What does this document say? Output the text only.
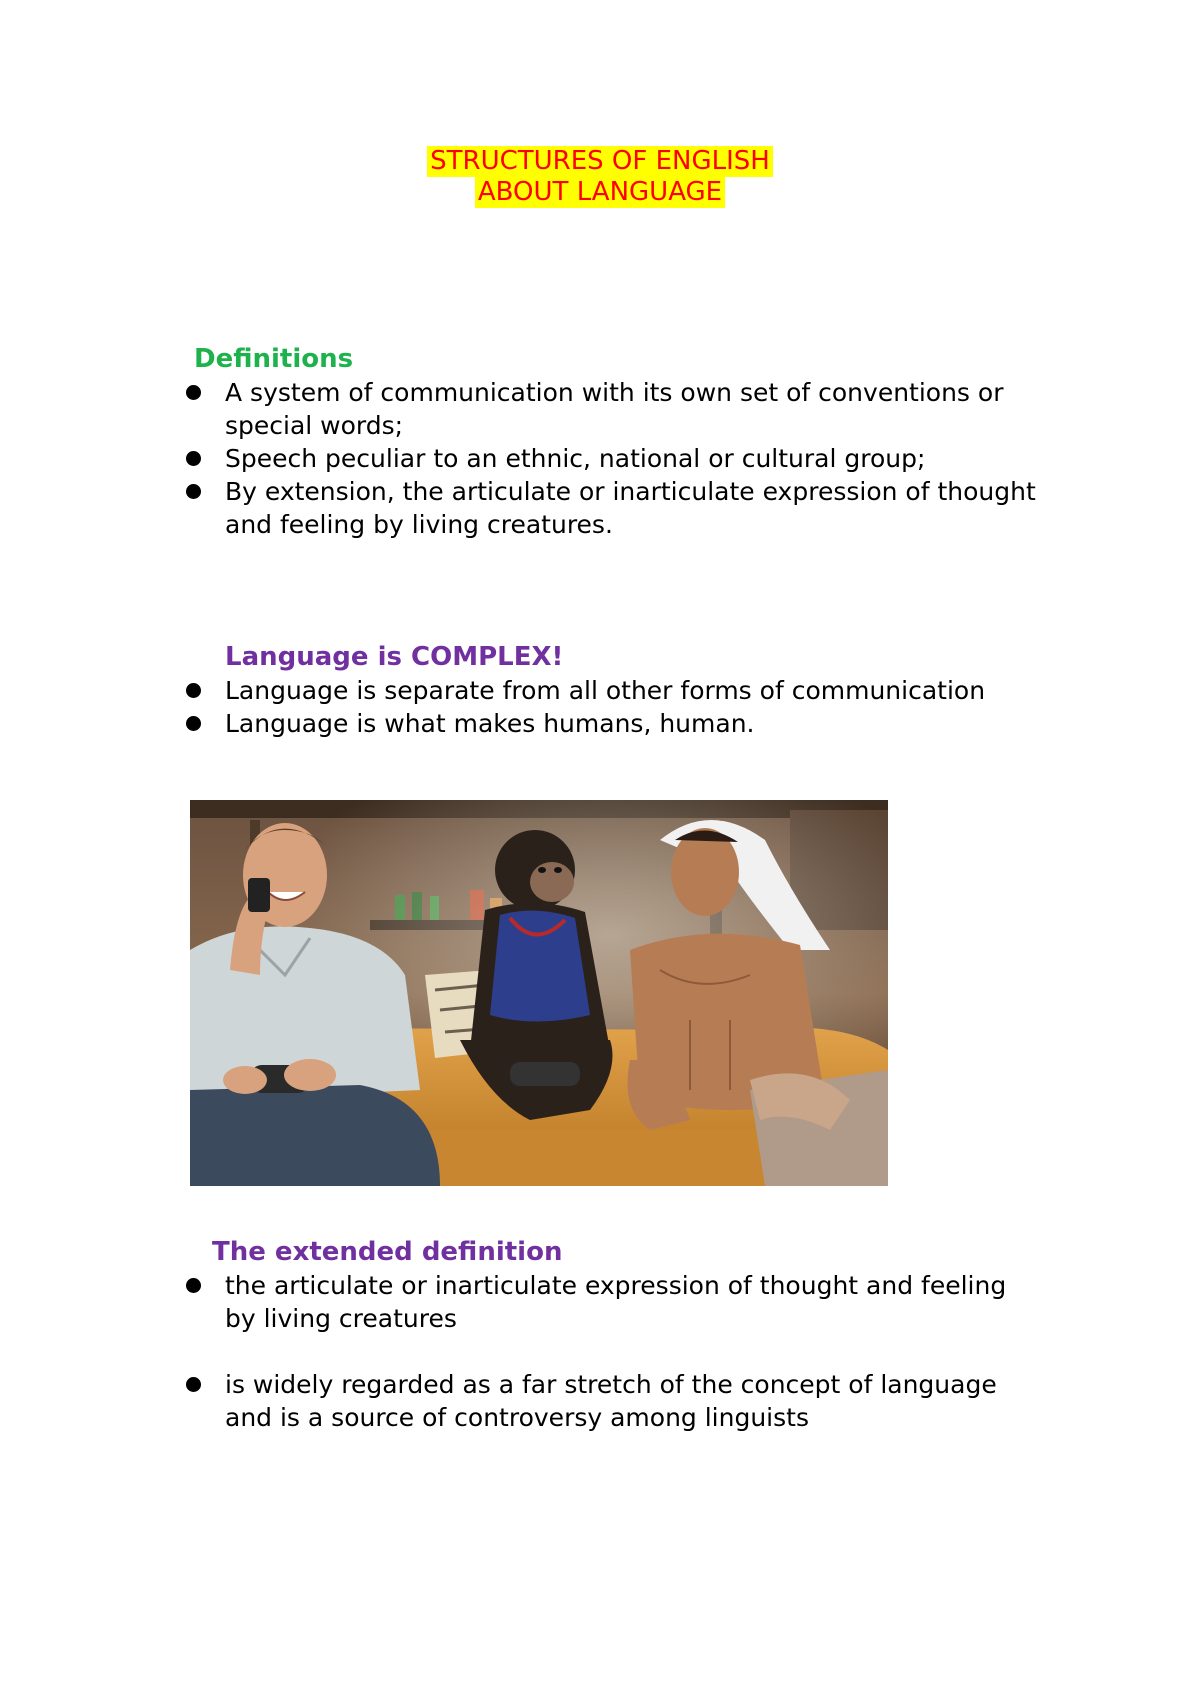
STRUCTURES OF ENGLISH
ABOUT LANGUAGE
Definitions
A system of communication with its own set of conventions or special words;
Speech peculiar to an ethnic, national or cultural group;
By extension, the articulate or inarticulate expression of thought and feeling by living creatures.
Language is COMPLEX!
Language is separate from all other forms of communication
Language is what makes humans, human.
The extended definition
the articulate or inarticulate expression of thought and feeling by living creatures
is widely regarded as a far stretch of the concept of language and is a source of controversy among linguists
